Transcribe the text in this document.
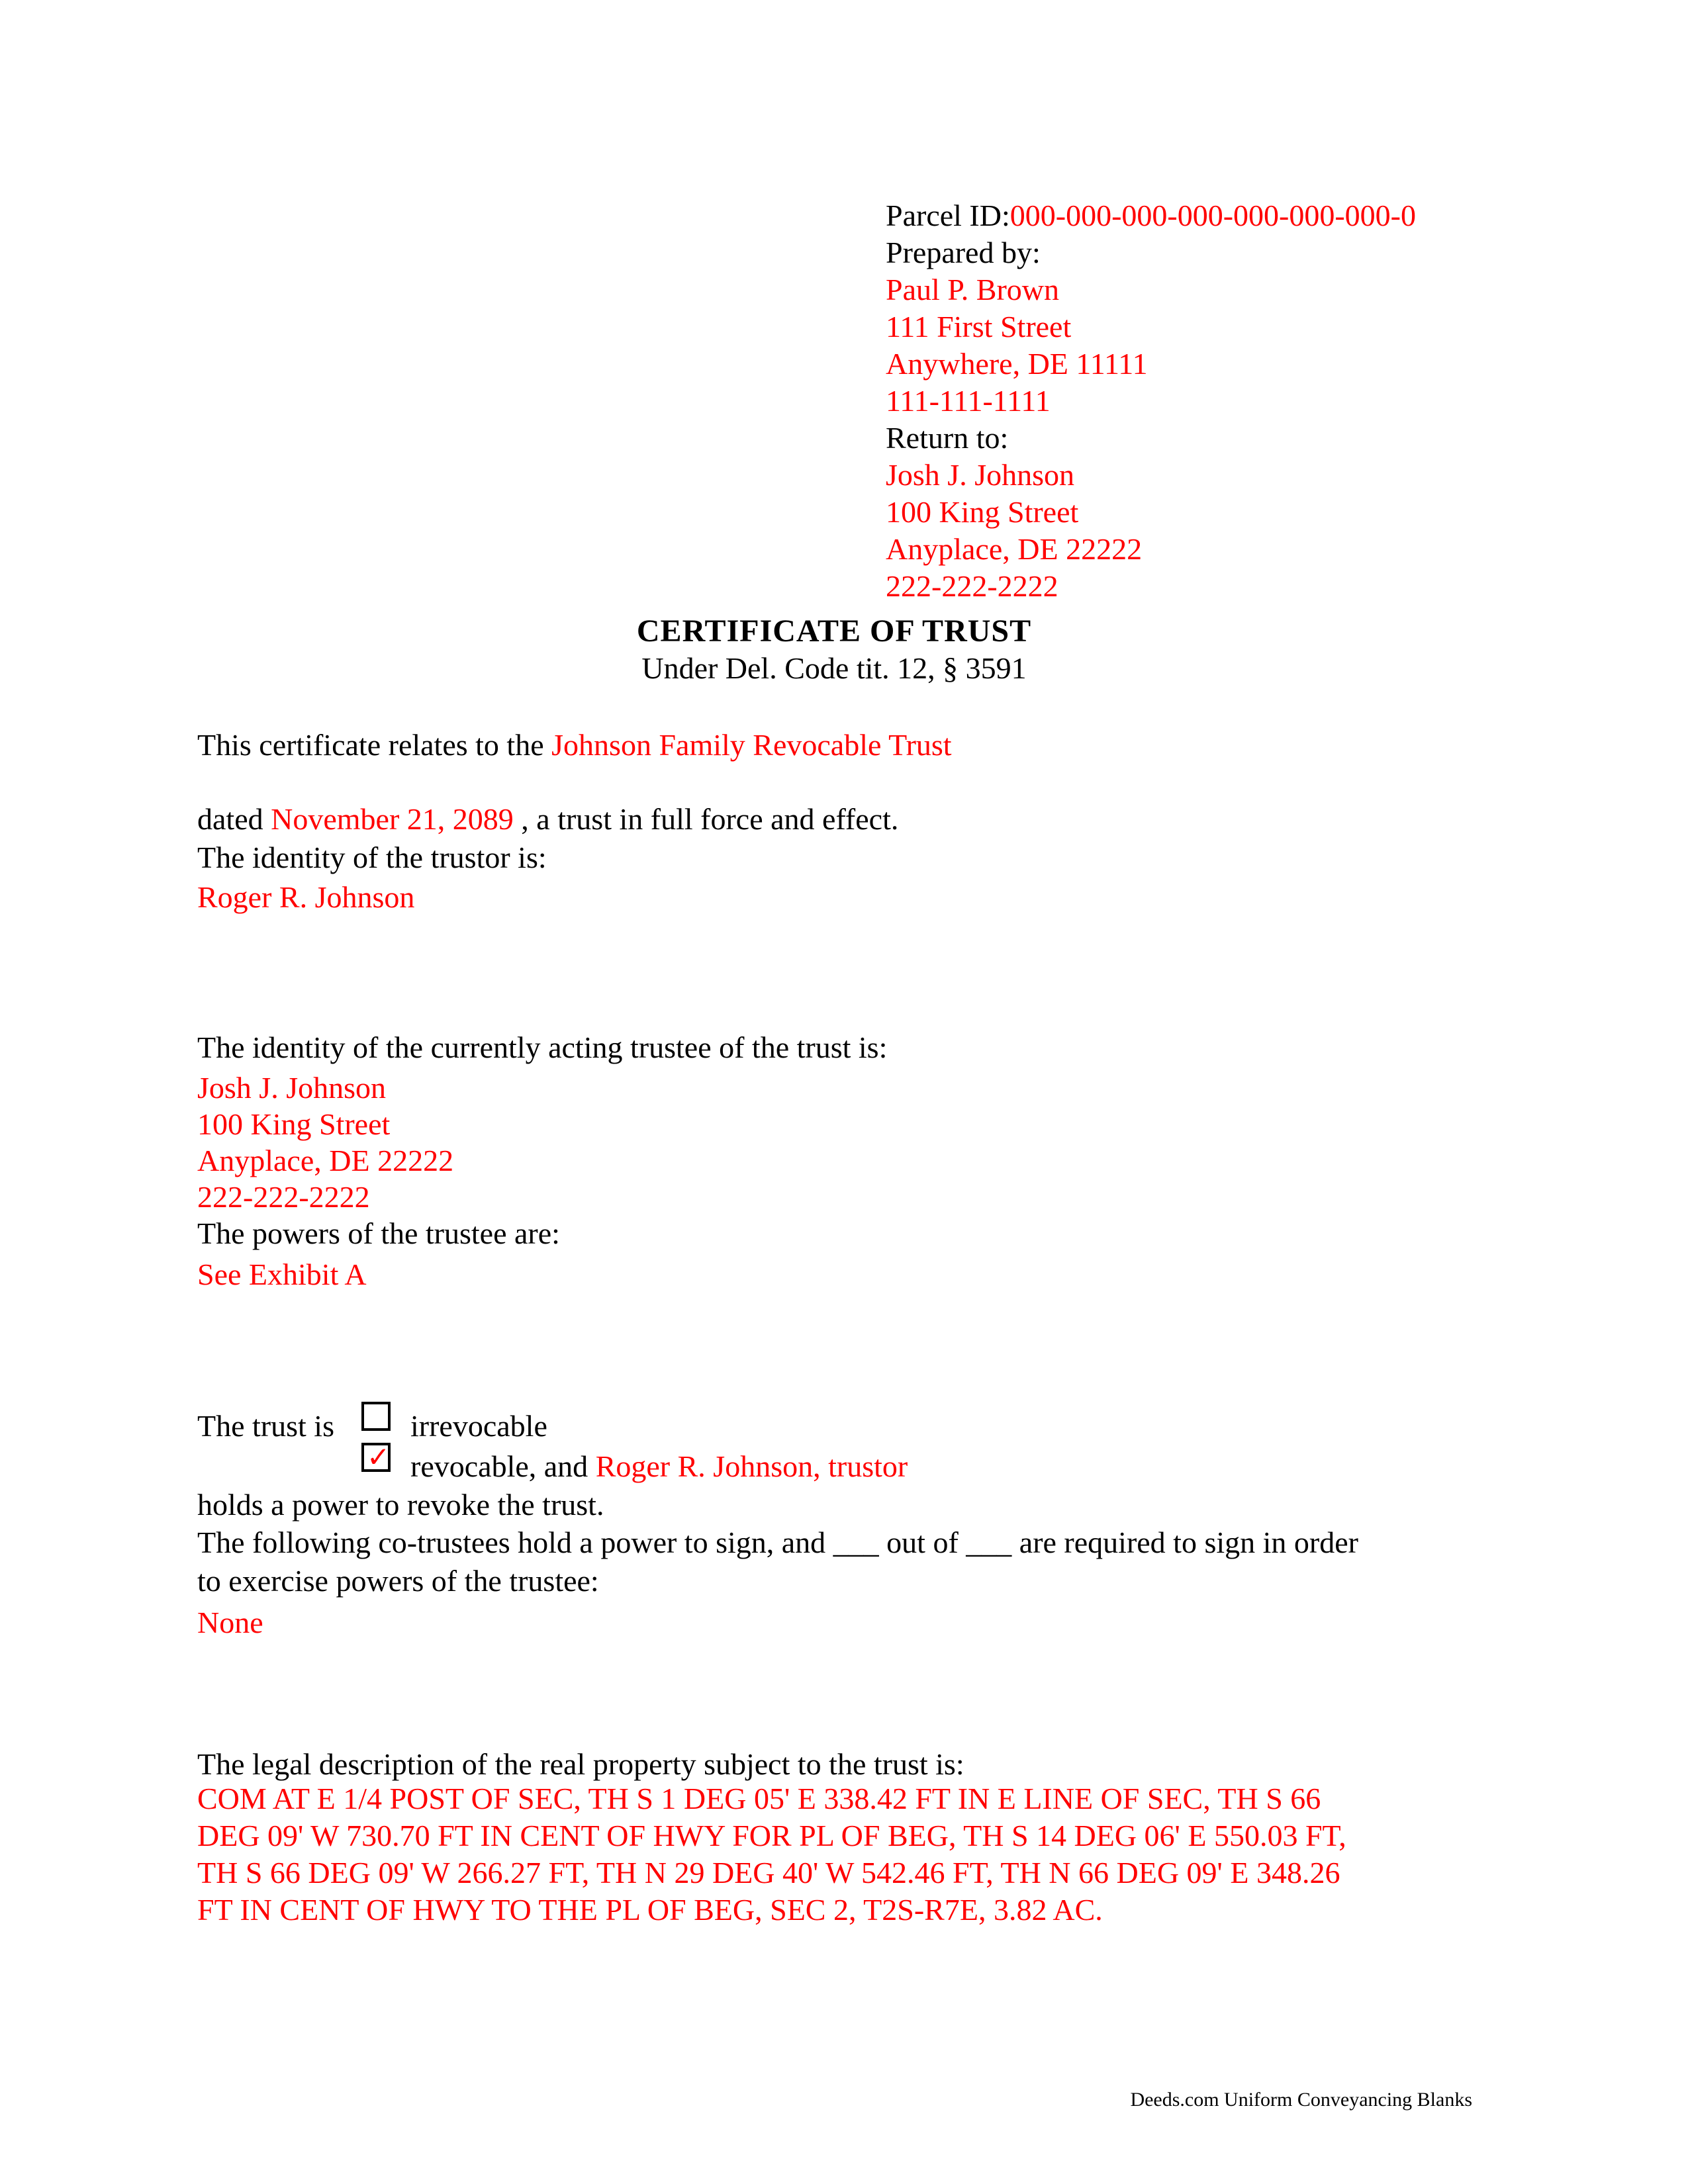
Parcel ID:000-000-000-000-000-000-000-0
Prepared by:
Paul P. Brown
111 First Street
Anywhere, DE 11111
111-111-1111
Return to:
Josh J. Johnson
100 King Street
Anyplace, DE 22222
222-222-2222
CERTIFICATE OF TRUST
Under Del. Code tit. 12, § 3591
This certificate relates to the Johnson Family Revocable Trust
dated November 21, 2089 , a trust in full force and effect.
The identity of the trustor is:
Roger R. Johnson
The identity of the currently acting trustee of the trust is:
Josh J. Johnson
100 King Street
Anyplace, DE 22222
222-222-2222
The powers of the trustee are:
See Exhibit A
The trust is	irrevocable
✓ revocable, and Roger R. Johnson, trustor
holds a power to revoke the trust.
The following co-trustees hold a power to sign, and ___ out of ___ are required to sign in order
to exercise powers of the trustee:
None
The legal description of the real property subject to the trust is:
COM AT E 1/4 POST OF SEC, TH S 1 DEG 05' E 338.42 FT IN E LINE OF SEC, TH S 66
DEG 09' W 730.70 FT IN CENT OF HWY FOR PL OF BEG, TH S 14 DEG 06' E 550.03 FT,
TH S 66 DEG 09' W 266.27 FT, TH N 29 DEG 40' W 542.46 FT, TH N 66 DEG 09' E 348.26
FT IN CENT OF HWY TO THE PL OF BEG, SEC 2, T2S-R7E, 3.82 AC.
Deeds.com Uniform Conveyancing Blanks
